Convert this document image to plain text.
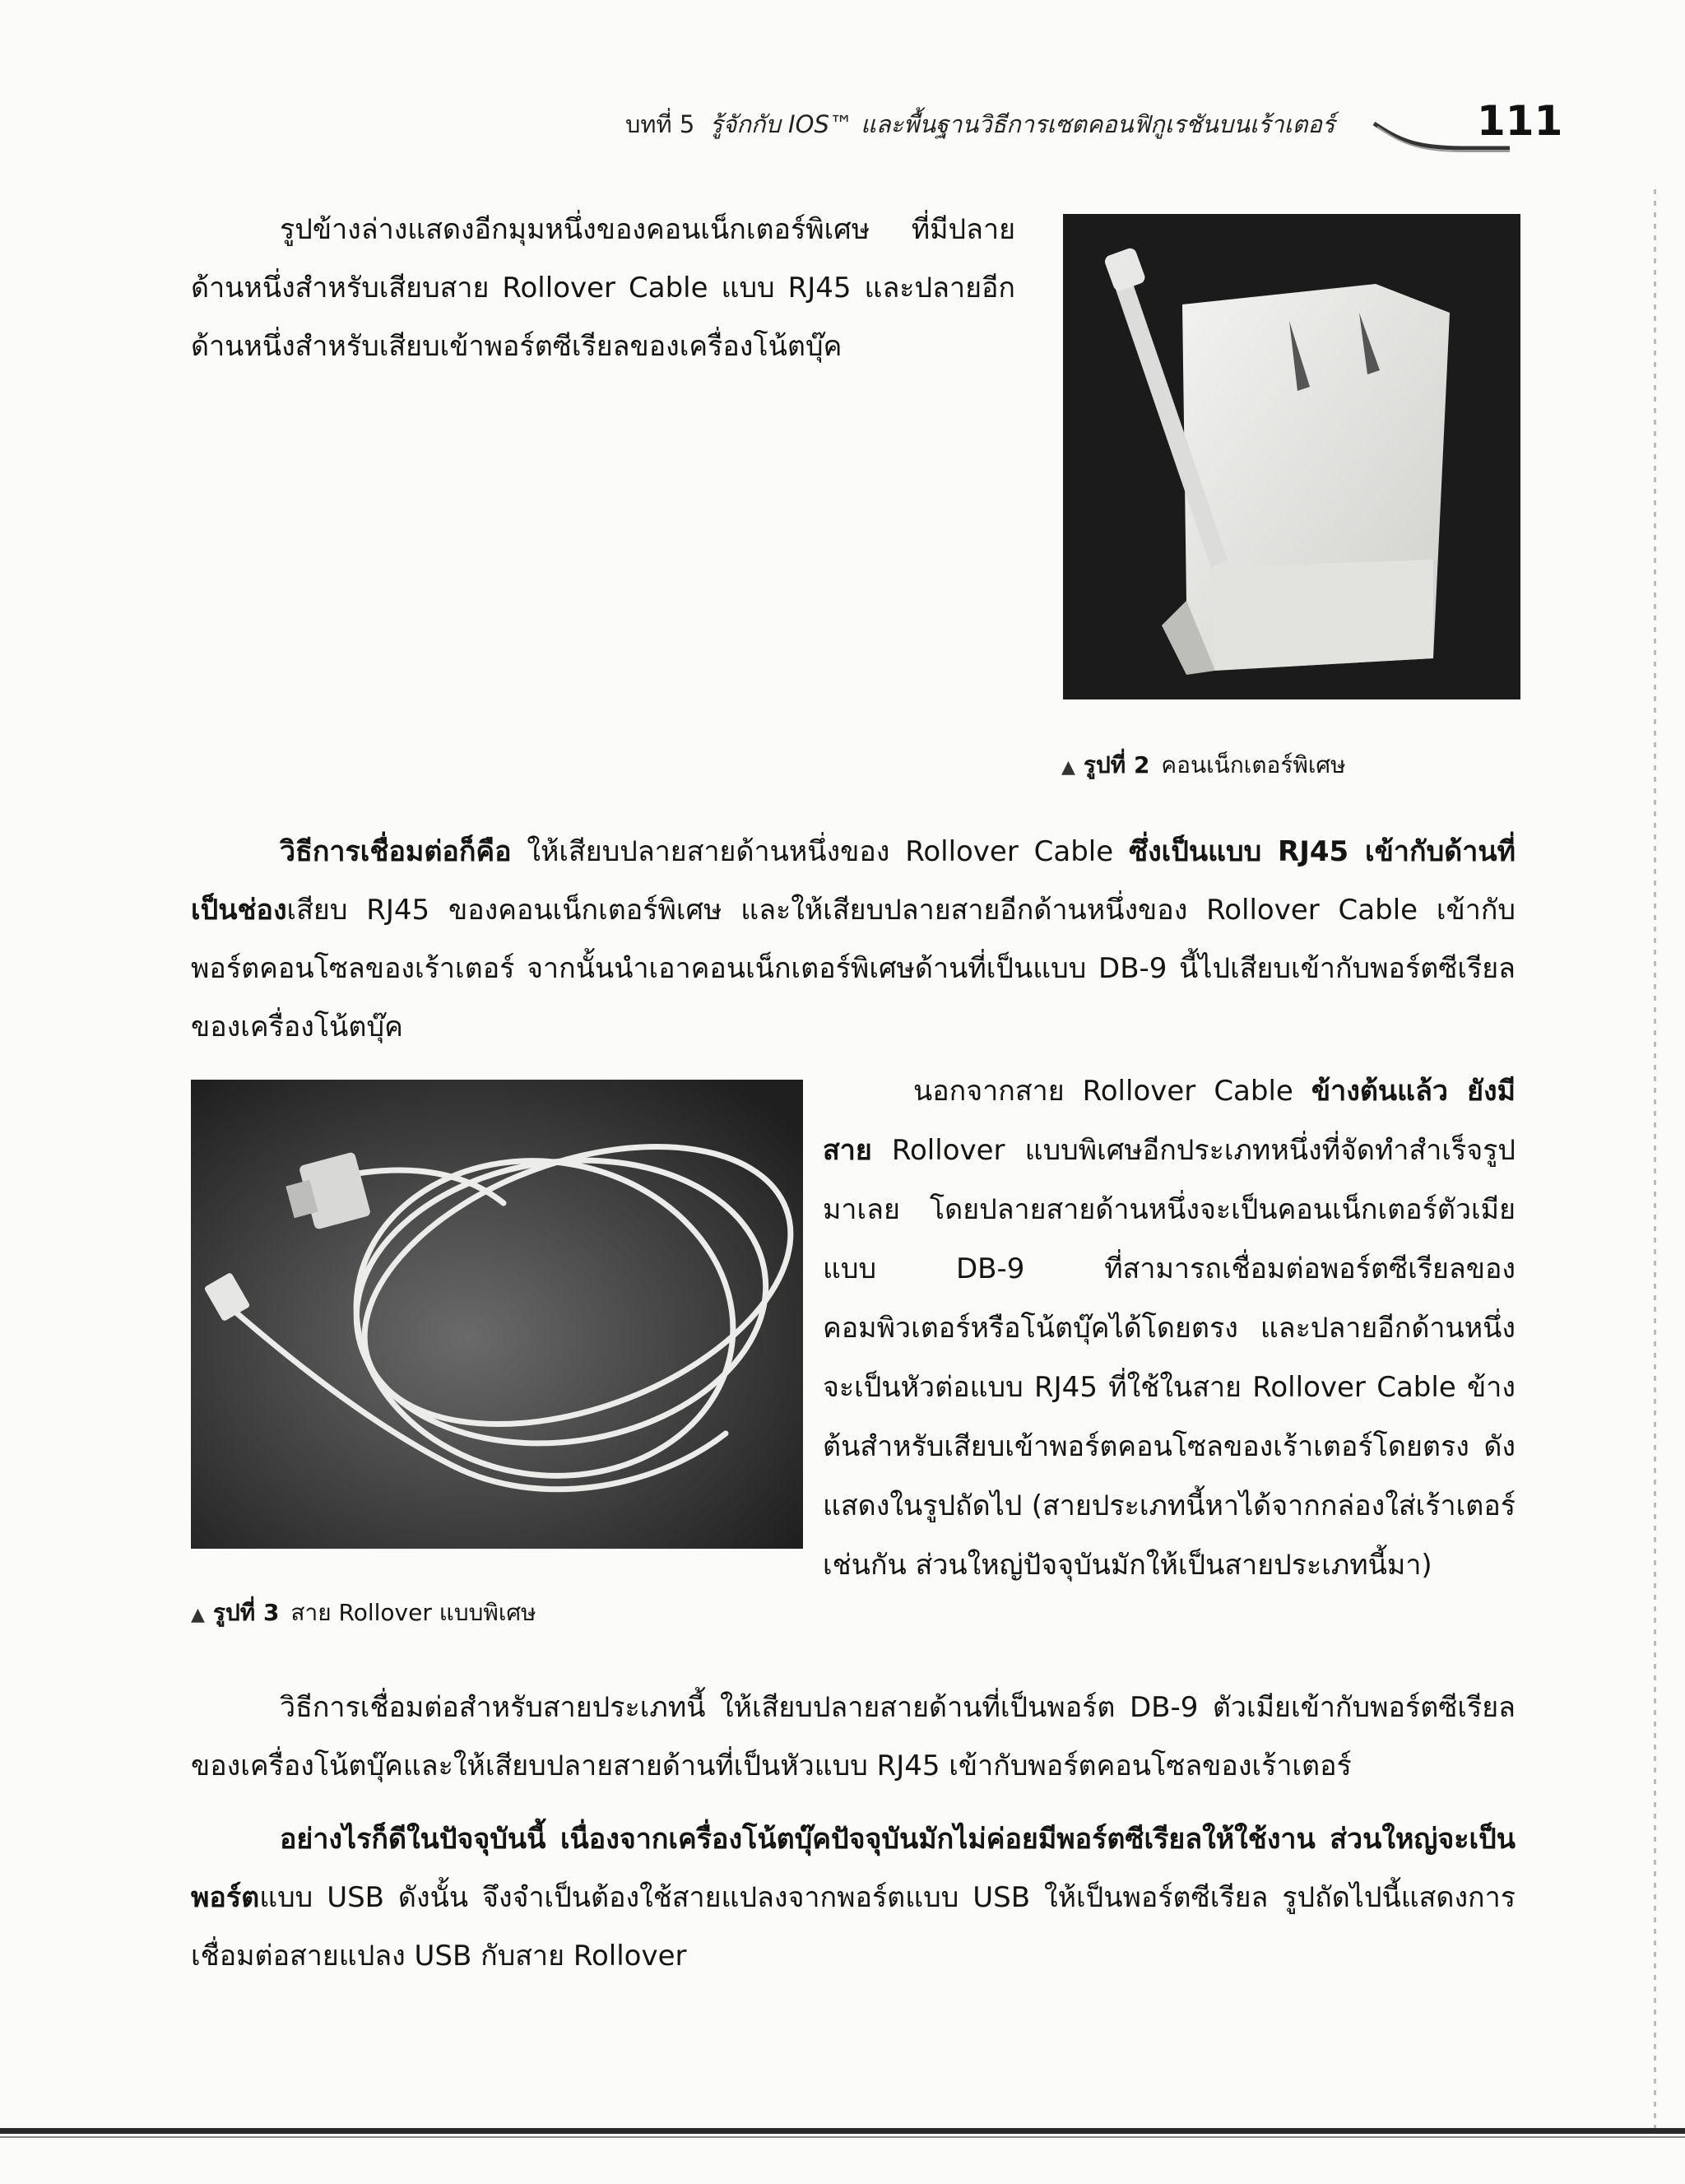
บทที่ 5 รู้จักกับ IOS™ และพื้นฐานวิธีการเซตคอนฟิกูเรชันบนเร้าเตอร์	111

รูปข้างล่างแสดงอีกมุมหนึ่งของคอนเน็กเตอร์พิเศษ ที่มีปลายด้านหนึ่งสำหรับเสียบสาย Rollover Cable แบบ RJ45 และปลายอีกด้านหนึ่งสำหรับเสียบเข้าพอร์ตซีเรียลของเครื่องโน้ตบุ๊ค

▲ รูปที่ 2 คอนเน็กเตอร์พิเศษ

วิธีการเชื่อมต่อก็คือ ให้เสียบปลายสายด้านหนึ่งของ Rollover Cable ซึ่งเป็นแบบ RJ45 เข้ากับด้านที่เป็นช่องเสียบ RJ45 ของคอนเน็กเตอร์พิเศษ และให้เสียบปลายสายอีกด้านหนึ่งของ Rollover Cable เข้ากับพอร์ตคอนโซลของเร้าเตอร์ จากนั้นนำเอาคอนเน็กเตอร์พิเศษด้านที่เป็นแบบ DB-9 นี้ไปเสียบเข้ากับพอร์ตซีเรียลของเครื่องโน้ตบุ๊ค

▲ รูปที่ 3 สาย Rollover แบบพิเศษ

นอกจากสาย Rollover Cable ข้างต้นแล้ว ยังมีสาย Rollover แบบพิเศษอีกประเภทหนึ่งที่จัดทำสำเร็จรูปมาเลย โดยปลายสายด้านหนึ่งจะเป็นคอนเน็กเตอร์ตัวเมียแบบ DB-9 ที่สามารถเชื่อมต่อพอร์ตซีเรียลของคอมพิวเตอร์หรือโน้ตบุ๊คได้โดยตรง และปลายอีกด้านหนึ่งจะเป็นหัวต่อแบบ RJ45 ที่ใช้ในสาย Rollover Cable ข้างต้นสำหรับเสียบเข้าพอร์ตคอนโซลของเร้าเตอร์โดยตรง ดังแสดงในรูปถัดไป (สายประเภทนี้หาได้จากกล่องใส่เร้าเตอร์เช่นกัน ส่วนใหญ่ปัจจุบันมักให้เป็นสายประเภทนี้มา)

วิธีการเชื่อมต่อสำหรับสายประเภทนี้ ให้เสียบปลายสายด้านที่เป็นพอร์ต DB-9 ตัวเมียเข้ากับพอร์ตซีเรียลของเครื่องโน้ตบุ๊คและให้เสียบปลายสายด้านที่เป็นหัวแบบ RJ45 เข้ากับพอร์ตคอนโซลของเร้าเตอร์

อย่างไรก็ดีในปัจจุบันนี้ เนื่องจากเครื่องโน้ตบุ๊คปัจจุบันมักไม่ค่อยมีพอร์ตซีเรียลให้ใช้งาน ส่วนใหญ่จะเป็นพอร์ตแบบ USB ดังนั้น จึงจำเป็นต้องใช้สายแปลงจากพอร์ตแบบ USB ให้เป็นพอร์ตซีเรียล รูปถัดไปนี้แสดงการเชื่อมต่อสายแปลง USB กับสาย Rollover
